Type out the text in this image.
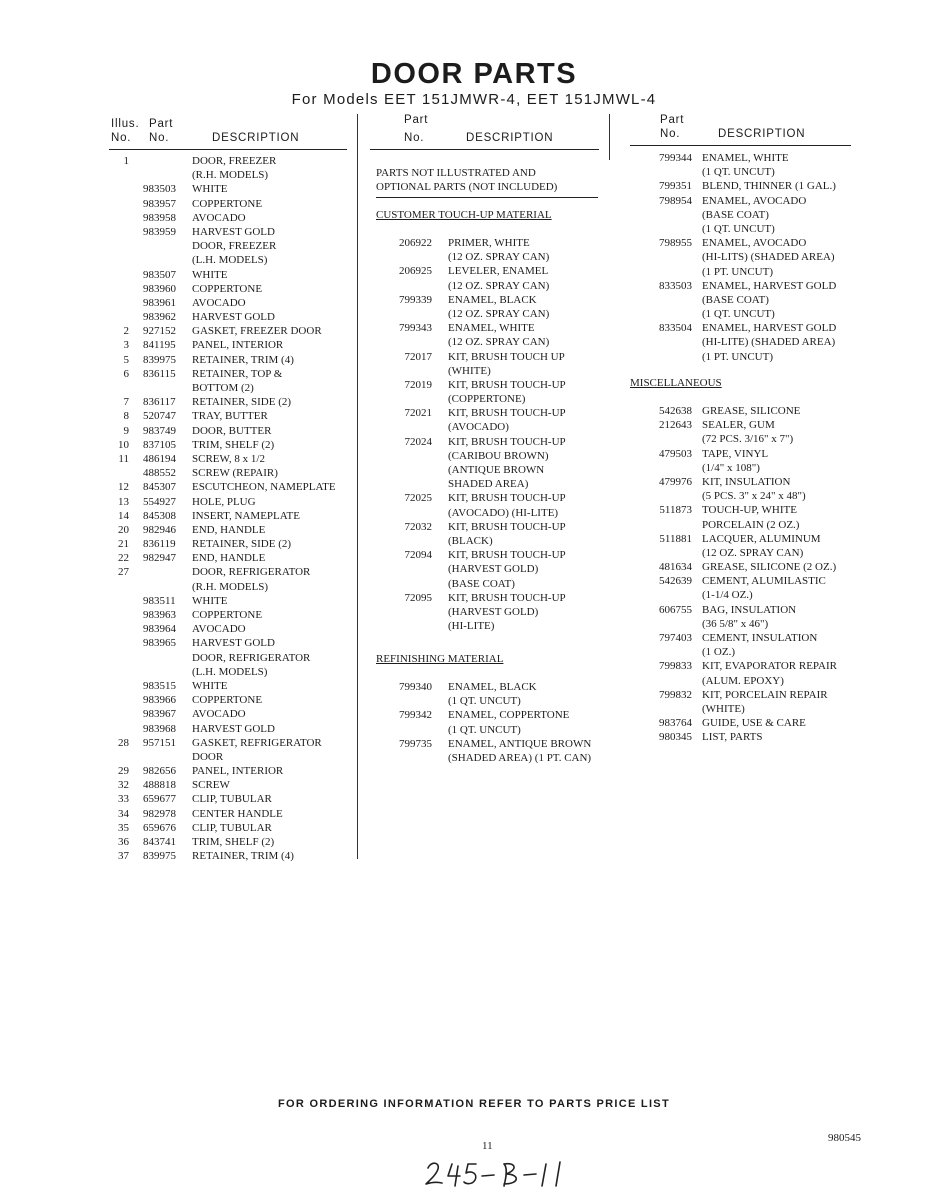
DOOR PARTS
For Models EET 151JMWR-4, EET 151JMWL-4
Illus.
No.
Part
No.	DESCRIPTION
Part
No.	DESCRIPTION
Part
No.	DESCRIPTION
1	DOOR, FREEZER
(R.H. MODELS)
983503 WHITE
983957 COPPERTONE
983958 AVOCADO
983959 HARVEST GOLD
DOOR, FREEZER
(L.H. MODELS)
983507 WHITE
983960 COPPERTONE
983961 AVOCADO
983962 HARVEST GOLD
2 927152 GASKET, FREEZER DOOR
3 841195 PANEL, INTERIOR
5 839975 RETAINER, TRIM (4)
6 836115 RETAINER, TOP &
BOTTOM (2)
7 836117 RETAINER, SIDE (2)
8 520747 TRAY, BUTTER
9 983749 DOOR, BUTTER
10 837105 TRIM, SHELF (2)
11 486194 SCREW, 8 x 1/2
488552 SCREW (REPAIR)
12 845307 ESCUTCHEON, NAMEPLATE
13 554927 HOLE, PLUG
14 845308 INSERT, NAMEPLATE
20 982946 END, HANDLE
21 836119 RETAINER, SIDE (2)
22 982947 END, HANDLE
27	DOOR, REFRIGERATOR
(R.H. MODELS)
983511 WHITE
983963 COPPERTONE
983964 AVOCADO
983965 HARVEST GOLD
DOOR, REFRIGERATOR
(L.H. MODELS)
983515 WHITE
983966 COPPERTONE
983967 AVOCADO
983968 HARVEST GOLD
28 957151 GASKET, REFRIGERATOR
DOOR
29 982656 PANEL, INTERIOR
32 488818 SCREW
33 659677 CLIP, TUBULAR
34 982978 CENTER HANDLE
35 659676 CLIP, TUBULAR
36 843741 TRIM, SHELF (2)
37 839975 RETAINER, TRIM (4)
PARTS NOT ILLUSTRATED AND
OPTIONAL PARTS (NOT INCLUDED)
CUSTOMER TOUCH-UP MATERIAL
206922 PRIMER, WHITE
(12 OZ. SPRAY CAN)
206925 LEVELER, ENAMEL
(12 OZ. SPRAY CAN)
799339 ENAMEL, BLACK
(12 OZ. SPRAY CAN)
799343 ENAMEL, WHITE
(12 OZ. SPRAY CAN)
72017 KIT, BRUSH TOUCH UP
(WHITE)
72019 KIT, BRUSH TOUCH-UP
(COPPERTONE)
72021 KIT, BRUSH TOUCH-UP
(AVOCADO)
72024 KIT, BRUSH TOUCH-UP
(CARIBOU BROWN)
(ANTIQUE BROWN
SHADED AREA)
72025 KIT, BRUSH TOUCH-UP
(AVOCADO) (HI-LITE)
72032 KIT, BRUSH TOUCH-UP
(BLACK)
72094 KIT, BRUSH TOUCH-UP
(HARVEST GOLD)
(BASE COAT)
72095 KIT, BRUSH TOUCH-UP
(HARVEST GOLD)
(HI-LITE)
REFINISHING MATERIAL
799340 ENAMEL, BLACK
(1 QT. UNCUT)
799342 ENAMEL, COPPERTONE
(1 QT. UNCUT)
799735 ENAMEL, ANTIQUE BROWN
(SHADED AREA) (1 PT. CAN)
799344 ENAMEL, WHITE
(1 QT. UNCUT)
799351 BLEND, THINNER (1 GAL.)
798954 ENAMEL, AVOCADO
(BASE COAT)
(1 QT. UNCUT)
798955 ENAMEL, AVOCADO
(HI-LITS) (SHADED AREA)
(1 PT. UNCUT)
833503 ENAMEL, HARVEST GOLD
(BASE COAT)
(1 QT. UNCUT)
833504 ENAMEL, HARVEST GOLD
(HI-LITE) (SHADED AREA)
(1 PT. UNCUT)
MISCELLANEOUS
542638 GREASE, SILICONE
212643 SEALER, GUM
(72 PCS. 3/16" x 7")
479503 TAPE, VINYL
(1/4" x 108")
479976 KIT, INSULATION
(5 PCS. 3" x 24" x 48")
511873 TOUCH-UP, WHITE
PORCELAIN (2 OZ.)
511881 LACQUER, ALUMINUM
(12 OZ. SPRAY CAN)
481634 GREASE, SILICONE (2 OZ.)
542639 CEMENT, ALUMILASTIC
(1-1/4 OZ.)
606755 BAG, INSULATION
(36 5/8" x 46")
797403 CEMENT, INSULATION
(1 OZ.)
799833 KIT, EVAPORATOR REPAIR
(ALUM. EPOXY)
799832 KIT, PORCELAIN REPAIR
(WHITE)
983764 GUIDE, USE & CARE
980345 LIST, PARTS
FOR ORDERING INFORMATION REFER TO PARTS PRICE LIST
11
980545
